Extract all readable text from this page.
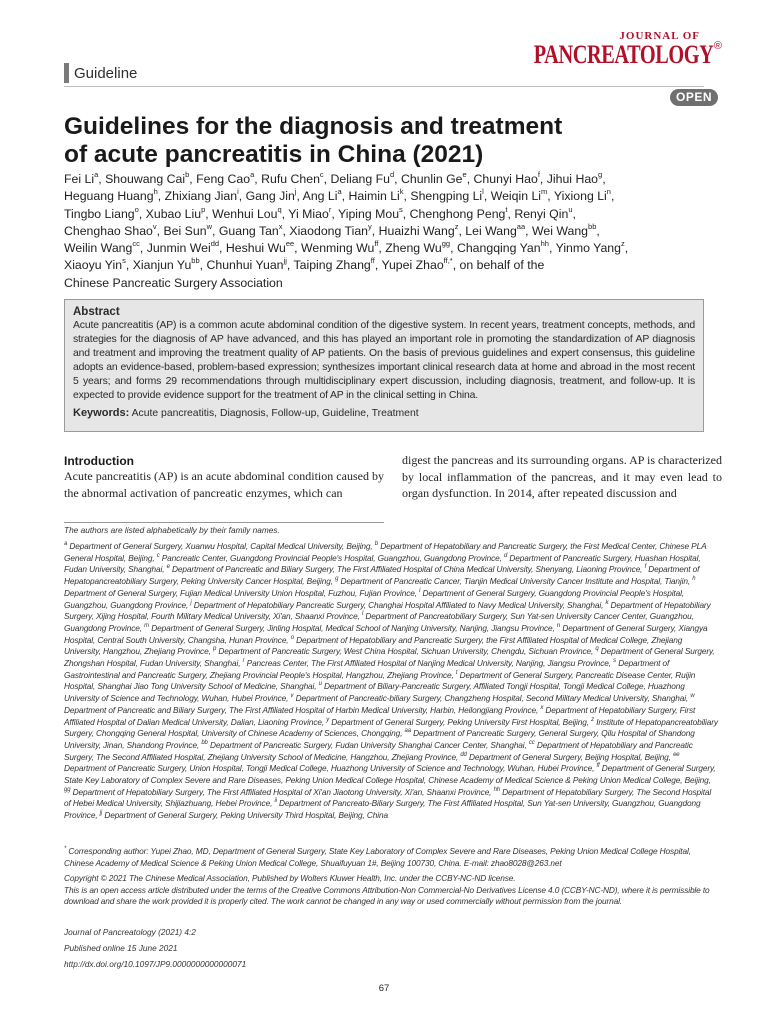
Guideline
JOURNAL OF
PANCREATOLOGY®
OPEN
Guidelines for the diagnosis and treatment
of acute pancreatitis in China (2021)
Fei Li$^a$, Shouwang Cai$^b$, Feng Cao$^a$, Rufu Chen$^c$, Deliang Fu$^d$, Chunlin Ge$^e$, Chunyi Hao$^f$, Jihui Hao$^g$,
Heguang Huang$^h$, Zhixiang Jian$^i$, Gang Jin$^j$, Ang Li$^a$, Haimin Li$^k$, Shengping Li$^l$, Weiqin Li$^m$, Yixiong Li$^n$,
Tingbo Liang$^o$, Xubao Liu$^p$, Wenhui Lou$^q$, Yi Miao$^r$, Yiping Mou$^s$, Chenghong Peng$^t$, Renyi Qin$^u$,
Chenghao Shao$^v$, Bei Sun$^w$, Guang Tan$^x$, Xiaodong Tian$^y$, Huaizhi Wang$^z$, Lei Wang$^{aa}$, Wei Wang$^{bb}$,
Weilin Wang$^{cc}$, Junmin Wei$^{dd}$, Heshui $Wu^{ee}$, Wenming $Wu^{ff}$, Zheng $Wu^{gg}$, Changqing Yan$^{hh}$, Yinmo Yang$^z$,
Xiaoyu Yin$^s$, Xianjun $Yu^{bb}$, Chunhui Yuan$^{jj}$, Taiping Zhang$^{ff}$, Yupei Zhao$^{ff,*}$, on behalf of the
Chinese Pancreatic Surgery Association
Abstract
Acute pancreatitis (AP) is a common acute abdominal condition of the digestive system. In recent years, treatment concepts, methods, and strategies for the diagnosis of AP have advanced, and this has played an important role in promoting the standardization of AP diagnosis and treatment and improving the treatment quality of AP patients. On the basis of previous guidelines and expert consensus, this guideline adopts an evidence-based, problem-based expression; synthesizes important clinical research data at home and abroad in the most recent 5 years; and forms 29 recommendations through multidisciplinary expert discussion, including diagnosis, treatment, and follow-up. It is expected to provide evidence support for the treatment of AP in the clinical setting in China.
Keywords: Acute pancreatitis, Diagnosis, Follow-up, Guideline, Treatment
Introduction
Acute pancreatitis (AP) is an acute abdominal condition caused by the abnormal activation of pancreatic enzymes, which can
digest the pancreas and its surrounding organs. AP is characterized by local inflammation of the pancreas, and it may even lead to organ dysfunction. In 2014, after repeated discussion and
The authors are listed alphabetically by their family names.
$^a$ Department of General Surgery, Xuanwu Hospital, Capital Medical University, Beijing, $^b$ Department of Hepatobiliary and Pancreatic Surgery, the First Medical Center, Chinese PLA General Hospital, Beijing, $^c$ Pancreatic Center, Guangdong Provincial People's Hospital, Guangzhou, Guangdong Province, $^d$ Department of Pancreatic Surgery, Huashan Hospital, Fudan University, Shanghai, $^e$ Department of Pancreatic and Biliary Surgery, The First Affiliated Hospital of China Medical University, Shenyang, Liaoning Province, $^f$ Department of Hepatopancreatobiliary Surgery, Peking University Cancer Hospital, Beijing, $^g$ Department of Pancreatic Cancer, Tianjin Medical University Cancer Institute and Hospital, Tianjin, $^h$ Department of General Surgery, Fujian Medical University Union Hospital, Fuzhou, Fujian Province, $^i$ Department of General Surgery, Guangdong Provincial People's Hospital, Guangzhou, Guangdong Province, $^j$ Department of Hepatobiliary Pancreatic Surgery, Changhai Hospital Affiliated to Navy Medical University, Shanghai, $^k$ Department of Hepatobiliary Surgery, Xijing Hospital, Fourth Military Medical University, Xi'an, Shaanxi Province, $^l$ Department of Pancreatobiliary Surgery, Sun Yat-sen University Cancer Center, Guangzhou, Guangdong Province, $^m$ Department of General Surgery, Jinling Hospital, Medical School of Nanjing University, Nanjing, Jiangsu Province, $^n$ Department of General Surgery, Xiangya Hospital, Central South University, Changsha, Hunan Province, $^o$ Department of Hepatobiliary and Pancreatic Surgery, the First Affiliated Hospital of Medical College, Zhejiang University, Hangzhou, Zhejiang Province, $^p$ Department of Pancreatic Surgery, West China Hospital, Sichuan University, Chengdu, Sichuan Province, $^q$ Department of General Surgery, Zhongshan Hospital, Fudan University, Shanghai, $^r$ Pancreas Center, The First Affiliated Hospital of Nanjing Medical University, Nanjing, Jiangsu Province, $^s$ Department of Gastrointestinal and Pancreatic Surgery, Zhejiang Provincial People's Hospital, Hangzhou, Zhejiang Province, $^t$ Department of General Surgery, Pancreatic Disease Center, Ruijin Hospital, Shanghai Jiao Tong University School of Medicine, Shanghai, $^u$ Department of Biliary-Pancreatic Surgery, Affiliated Tongji Hospital, Tongji Medical College, Huazhong University of Science and Technology, Wuhan, Hubei Province, $^v$ Department of Pancreatic-biliary Surgery, Changzheng Hospital, Second Military Medical University, Shanghai, $^w$ Department of Pancreatic and Biliary Surgery, The First Affiliated Hospital of Harbin Medical University, Harbin, Heilongjiang Province, $^x$ Department of Hepatobiliary Surgery, First Affiliated Hospital of Dalian Medical University, Dalian, Liaoning Province, $^y$ Department of General Surgery, Peking University First Hospital, Beijing, $^z$ Institute of Hepatopancreatobiliary Surgery, Chongqing General Hospital, University of Chinese Academy of Sciences, Chongqing, $^{aa}$ Department of Pancreatic Surgery, General Surgery, Qilu Hospital of Shandong University, Jinan, Shandong Province, $^{bb}$ Department of Pancreatic Surgery, Fudan University Shanghai Cancer Center, Shanghai, $^{cc}$ Department of Hepatobiliary and Pancreatic Surgery, The Second Affiliated Hospital, Zhejiang University School of Medicine, Hangzhou, Zhejiang Province, $^{dd}$ Department of General Surgery, Beijing Hospital, Beijing, $^{ee}$ Department of Pancreatic Surgery, Union Hospital, Tongji Medical College, Huazhong University of Science and Technology, Wuhan, Hubei Province, $^{ff}$ Department of General Surgery, State Key Laboratory of Complex Severe and Rare Diseases, Peking Union Medical College Hospital, Chinese Academy of Medical Science & Peking Union Medical College, Beijing, $^{gg}$ Department of Hepatobiliary Surgery, The First Affiliated Hospital of Xi'an Jiaotong University, Xi'an, Shaanxi Province, $^{hh}$ Department of Hepatobiliary Surgery, The Second Hospital of Hebei Medical University, Shijiazhuang, Hebei Province, $^{ii}$ Department of Pancreato-Biliary Surgery, The First Affiliated Hospital, Sun Yat-sen University, Guangzhou, Guangdong Province, $^{jj}$ Department of General Surgery, Peking University Third Hospital, Beijing, China
* Corresponding author: Yupei Zhao, MD, Department of General Surgery, State Key Laboratory of Complex Severe and Rare Diseases, Peking Union Medical College Hospital, Chinese Academy of Medical Science & Peking Union Medical College, Shuaifuyuan 1#, Beijing 100730, China. E-mail: zhao8028@263.net
Copyright © 2021 The Chinese Medical Association, Published by Wolters Kluwer Health, Inc. under the CCBY-NC-ND license.
This is an open access article distributed under the terms of the Creative Commons Attribution-Non Commercial-No Derivatives License 4.0 (CCBY-NC-ND), where it is permissible to download and share the work provided it is properly cited. The work cannot be changed in any way or used commercially without permission from the journal.
Journal of Pancreatology (2021) 4:2
Published online 15 June 2021
http://dx.doi.org/10.1097/JP9.0000000000000071
67
